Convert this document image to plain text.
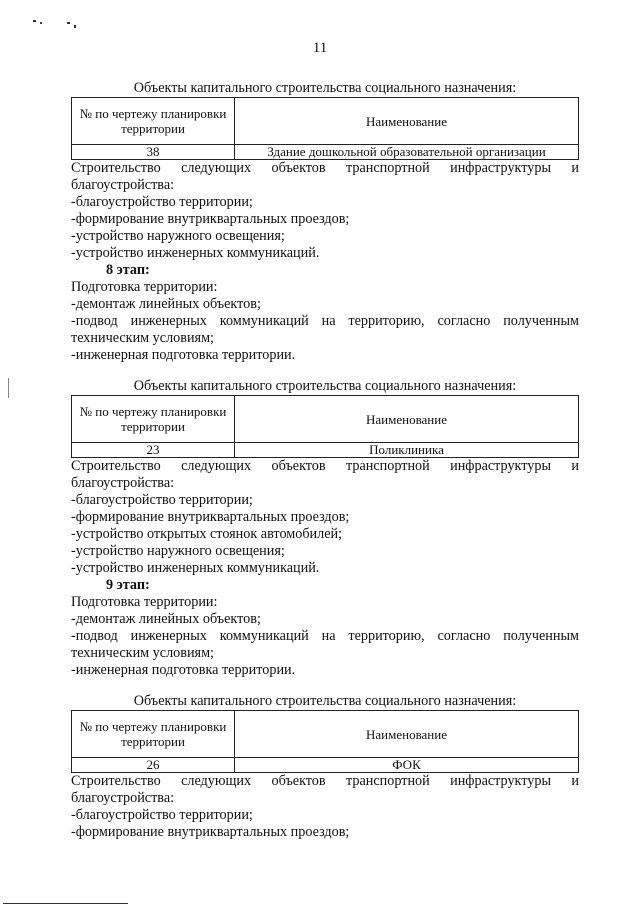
11

Объекты капитального строительства социального назначения:

№ по чертежу планировки территории	Наименование
38	Здание дошкольной образовательной организации

Строительство следующих объектов транспортной инфраструктуры и

благоустройства:

-благоустройство территории;

-формирование внутриквартальных проездов;

-устройство наружного освещения;

-устройство инженерных коммуникаций.

8 этап:

Подготовка территории:

-демонтаж линейных объектов;

-подвод инженерных коммуникаций на территорию, согласно полученным

техническим условиям;

-инженерная подготовка территории.

Объекты капитального строительства социального назначения:

№ по чертежу планировки территории	Наименование
23	Поликлиника

Строительство следующих объектов транспортной инфраструктуры и

благоустройства:

-благоустройство территории;

-формирование внутриквартальных проездов;

-устройство открытых стоянок автомобилей;

-устройство наружного освещения;

-устройство инженерных коммуникаций.

9 этап:

Подготовка территории:

-демонтаж линейных объектов;

-подвод инженерных коммуникаций на территорию, согласно полученным

техническим условиям;

-инженерная подготовка территории.

Объекты капитального строительства социального назначения:

№ по чертежу планировки территории	Наименование
26	ФОК

Строительство следующих объектов транспортной инфраструктуры и

благоустройства:

-благоустройство территории;

-формирование внутриквартальных проездов;
